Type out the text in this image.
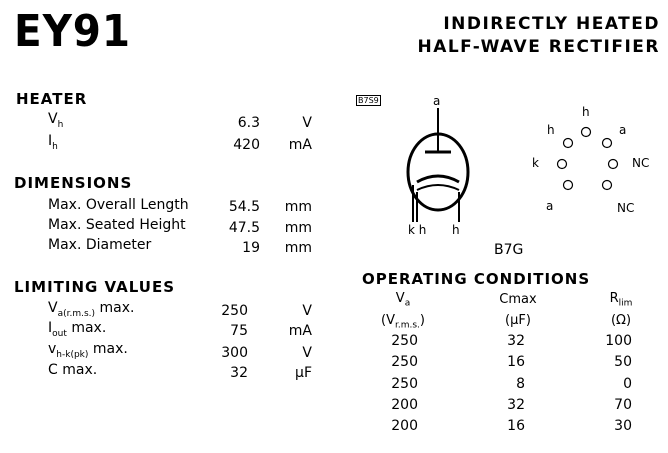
EY91	INDIRECTLY HEATED
HALF-WAVE RECTIFIER
HEATER
$V_h$	6.3	V
$I_h$	420	mA
DIMENSIONS
Max. Overall Length	54.5	mm
Max. Seated Height	47.5	mm
Max. Diameter	19	mm
LIMITING VALUES
$V_{a(r.m.s.)}$ max.	250	V
$I_{out}$ max.	75	mA
$v_{h-k(pk)}$ max.	300	V
C max.	32	µF
B7S9	a
k h h
B7G
h
h	a
k	NC
a	NC
OPERATING CONDITIONS
$V_a$	Cmax	$R_{lim}$
$(V_{r.m.s.})$	(µF)	(Ω)
250	32	100
250	16	50
250	8	0
200	32	70
200	16	30
